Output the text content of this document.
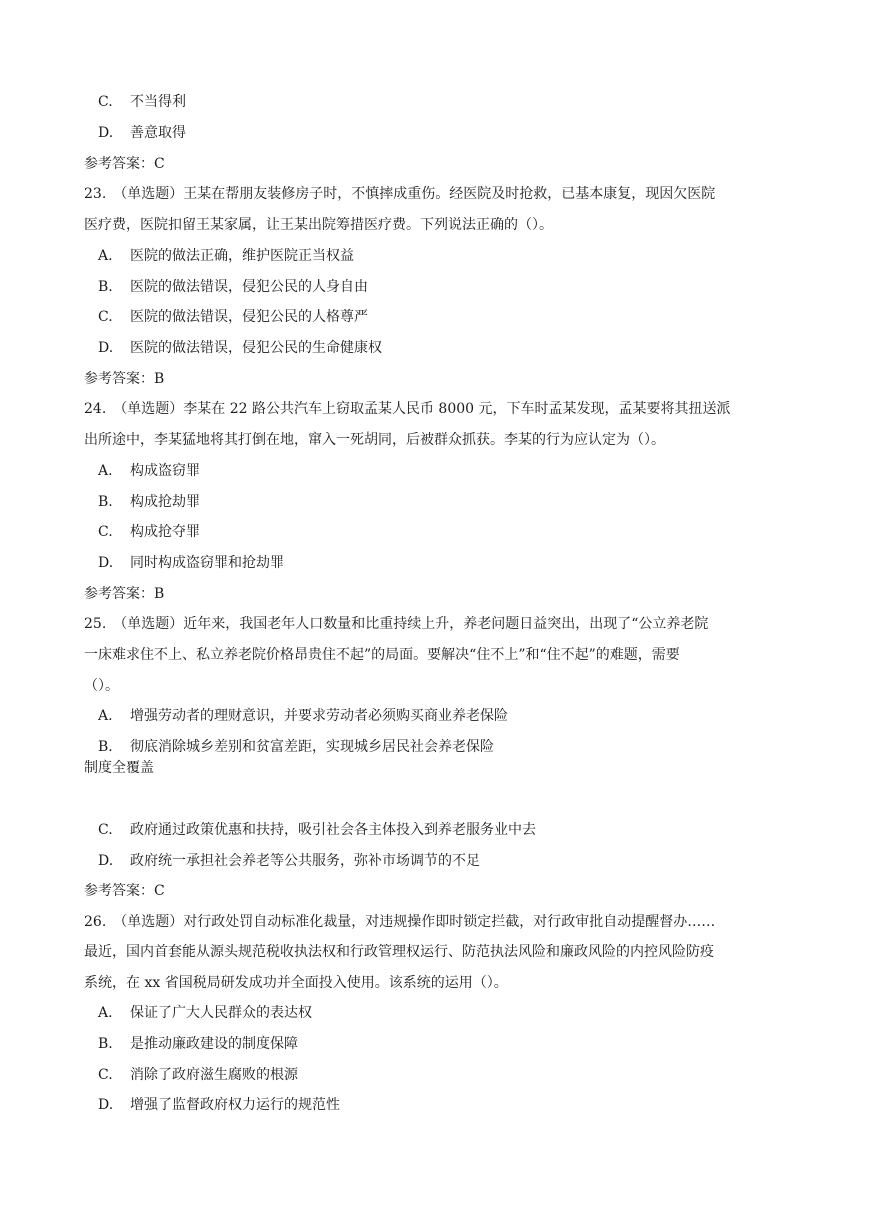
C. 不当得利
D. 善意取得
参考答案：C
23.　（单选题）王某在帮朋友装修房子时，不慎摔成重伤。经医院及时抢救，已基本康复，现因欠医院
医疗费，医院扣留王某家属，让王某出院筹措医疗费。下列说法正确的（）。
A. 医院的做法正确，维护医院正当权益
B. 医院的做法错误，侵犯公民的人身自由
C. 医院的做法错误，侵犯公民的人格尊严
D. 医院的做法错误，侵犯公民的生命健康权
参考答案：B
24.　（单选题）李某在 22 路公共汽车上窃取孟某人民币 8000 元，下车时孟某发现，孟某要将其扭送派
出所途中，李某猛地将其打倒在地，窜入一死胡同，后被群众抓获。李某的行为应认定为（）。
A. 构成盗窃罪
B. 构成抢劫罪
C. 构成抢夺罪
D. 同时构成盗窃罪和抢劫罪
参考答案：B
25.　（单选题）近年来，我国老年人口数量和比重持续上升，养老问题日益突出，出现了“公立养老院
一床难求住不上、私立养老院价格昂贵住不起”的局面。要解决“住不上”和“住不起”的难题，需要
（）。
A. 增强劳动者的理财意识，并要求劳动者必须购买商业养老保险
B. 彻底消除城乡差别和贫富差距，实现城乡居民社会养老保险
制度全覆盖
C. 政府通过政策优惠和扶持，吸引社会各主体投入到养老服务业中去
D. 政府统一承担社会养老等公共服务，弥补市场调节的不足
参考答案：C
26.　（单选题）对行政处罚自动标准化裁量，对违规操作即时锁定拦截，对行政审批自动提醒督办……
最近，国内首套能从源头规范税收执法权和行政管理权运行、防范执法风险和廉政风险的内控风险防疫
系统，在 xx 省国税局研发成功并全面投入使用。该系统的运用（）。
A. 保证了广大人民群众的表达权
B. 是推动廉政建设的制度保障
C. 消除了政府滋生腐败的根源
D. 增强了监督政府权力运行的规范性
